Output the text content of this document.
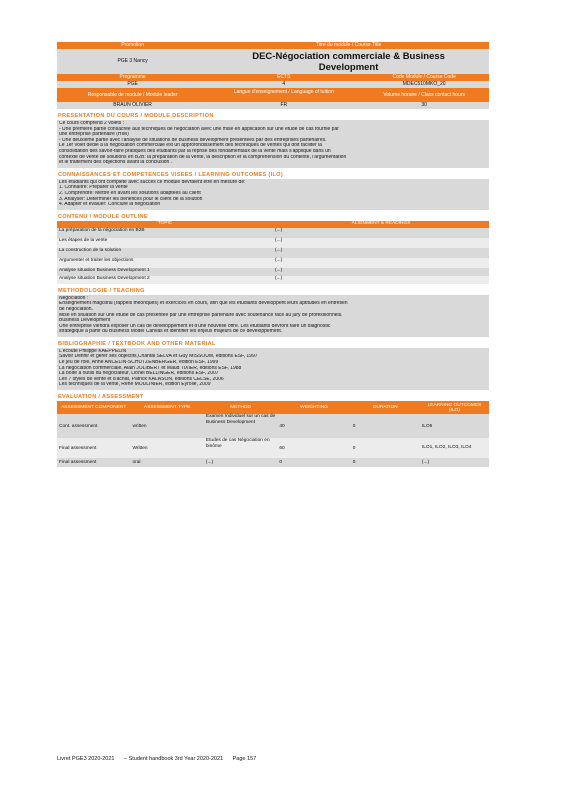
Promotion	Titre du module / Course Title
PGE 3 Nancy	DEC-Négociation commerciale & Business
Development
Programme	ECTS	Code Module / Course Code
PGE	4	MDEC510MKO_20
Responsable de module / Module leader	Langue d'enseignement / Language of tuition	Volume horaire / Class contact hours
BRAUN OLIVIER	FR	30
PRESENTATION DU COURS / MODULE DESCRIPTION
Ce cours comprend 2 volets :
- Une première partie consacrée aux techniques de négociation avec une mise en application sur une étude de cas fournie par
une entreprise partenaire (HIM)
- Une deuxième partie avec l'analyse de situations de business development présentées par des entreprises partenaires.
Le 1er volet dédié à la négociation commerciale est un approfondissement des techniques de ventes qui doit faciliter la
consolidation des savoir-faire pratiques des étudiants par la reprise des fondamentaux de la vente mais s'applique dans un
contexte de vente de solutions en B2B: la préparation de la vente, la description et la compréhension du contexte, l'argumentation
et le traitement des objections avant la conclusion .
CONNAISSANCES ET COMPETENCES VISEES / LEARNING OUTCOMES (ILO)
Les étudiants qui ont complété avec succès ce module devraient être en mesure de:
1. Connaître: Préparer la vente
2. Comprendre: Mettre en avant les solutions adaptées au client
3. Analyser: Déterminer les bénéfices pour le client de la solution
4. Adapter et évaluer: Conclure la négociation
CONTENU / MODULE OUTLINE
TOPIC	ALIGNMENT & READINGS
La préparation de la négociation en B2B	(...)
Les étapes de la vente	(...)
La construction de la solution	(...)
Argumenter et traiter les objections	(...)
Analyse situation Business Development 1	(...)
Analyse situation Business Development 2	(...)
METHODOLOGIE / TEACHING
Négociation :
Enseignement magistral (rappels théoriques) et exercices en cours, afin que les étudiants développent leurs aptitudes en entretien
de négociation.
Mise en situation sur une étude de cas présentée par une entreprise partenaire avec soutenance face au jury de professionnels.
Business Development
Une entreprise viendra exposer un cas de développement et d'une nouvelle offre. Les étudiants devront faire un diagnostic
stratégique à partir du Business Model Canvas et identifier les enjeux majeurs de ce développement.
BIBLIOGRAPHIE / TEXTBOOK AND OTHER MATERIAL
L'écoute Philippe KAEPPELIN
Savoir Définir et gérer ses objectifs,Chantal SELVA et Guy MISSOUM, éditions ESF, 1997
Le jeu de rôle, Anne ANCELIN-SCHUTZENBERGER, édition ESF, 1999
La négociation commerciale, Alain JOLIBERT et Maud TIXIER, éditions ESF, 1988
La boîte à outils du négociateur, Lionel BELLINGER, éditions ESF, 2007
Les 7 styles de vente et d'achat, Patrick KALASON, éditions CELSE, 2006
Les techniques de la vente, René MOULINIER, édition Eyrolle, 2009
EVALUATION / ASSESSMENT
ASSESSMENT COMPONENT	ASSESSMENT TYPE	METHOD	WEIGHTING	DURATION	LEARNING OUTCOMES (ILO)
Cont. assessment	written	Examen Individuel sur un cas de Business Development	40	0	ILO5
Final assessment	Written	Etudes de cas Négociation en binôme	60	0	ILO1, ILO2, ILO3, ILO4
Final assessment	oral	(...)	0	0	(...)
Livret PGE3 2020-2021 – Student handbook 3rd Year 2020-2021 Page 157
